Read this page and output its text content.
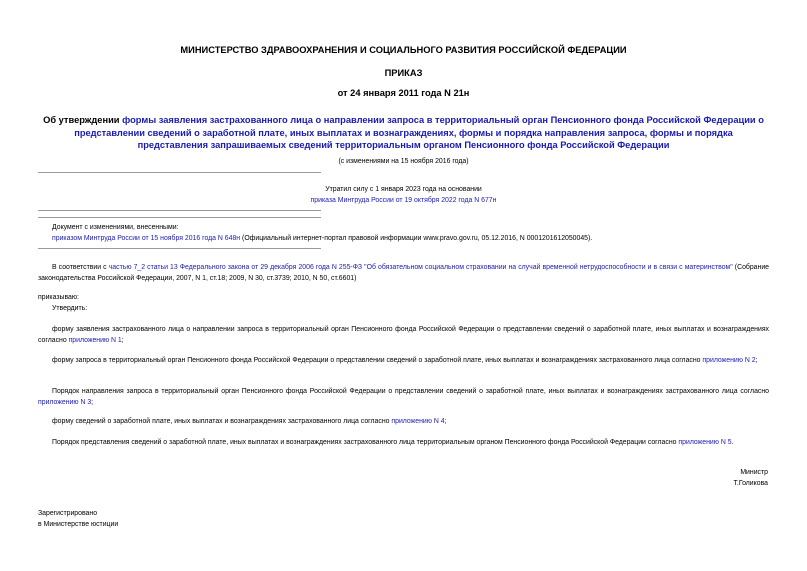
МИНИСТЕРСТВО ЗДРАВООХРАНЕНИЯ И СОЦИАЛЬНОГО РАЗВИТИЯ РОССИЙСКОЙ ФЕДЕРАЦИИ
ПРИКАЗ
от 24 января 2011 года N 21н
Об утверждении формы заявления застрахованного лица о направлении запроса в территориальный орган Пенсионного фонда Российской Федерации о представлении сведений о заработной плате, иных выплатах и вознаграждениях, формы и порядка направления запроса, формы и порядка представления запрашиваемых сведений территориальным органом Пенсионного фонда Российской Федерации
(с изменениями на 15 ноября 2016 года)
Утратил силу с 1 января 2023 года на основании
приказа Минтруда России от 19 октября 2022 года N 677н
Документ с изменениями, внесенными:
приказом Минтруда России от 15 ноября 2016 года N 648н (Официальный интернет-портал правовой информации www.pravo.gov.ru, 05.12.2016, N 0001201612050045).
В соответствии с частью 7_2 статьи 13 Федерального закона от 29 декабря 2006 года N 255-ФЗ "Об обязательном социальном страховании на случай временной нетрудоспособности и в связи с материнством" (Собрание законодательства Российской Федерации, 2007, N 1, ст.18; 2009, N 30, ст.3739; 2010, N 50, ст.6601)
приказываю:
Утвердить:
форму заявления застрахованного лица о направлении запроса в территориальный орган Пенсионного фонда Российской Федерации о представлении сведений о заработной плате, иных выплатах и вознаграждениях согласно приложению N 1;
форму запроса в территориальный орган Пенсионного фонда Российской Федерации о представлении сведений о заработной плате, иных выплатах и вознаграждениях застрахованного лица согласно приложению N 2;
Порядок направления запроса в территориальный орган Пенсионного фонда Российской Федерации о представлении сведений о заработной плате, иных выплатах и вознаграждениях застрахованного лица согласно приложению N 3;
форму сведений о заработной плате, иных выплатах и вознаграждениях застрахованного лица согласно приложению N 4;
Порядок представления сведений о заработной плате, иных выплатах и вознаграждениях застрахованного лица территориальным органом Пенсионного фонда Российской Федерации согласно приложению N 5.
Министр
Т.Голикова
Зарегистрировано
в Министерстве юстиции
